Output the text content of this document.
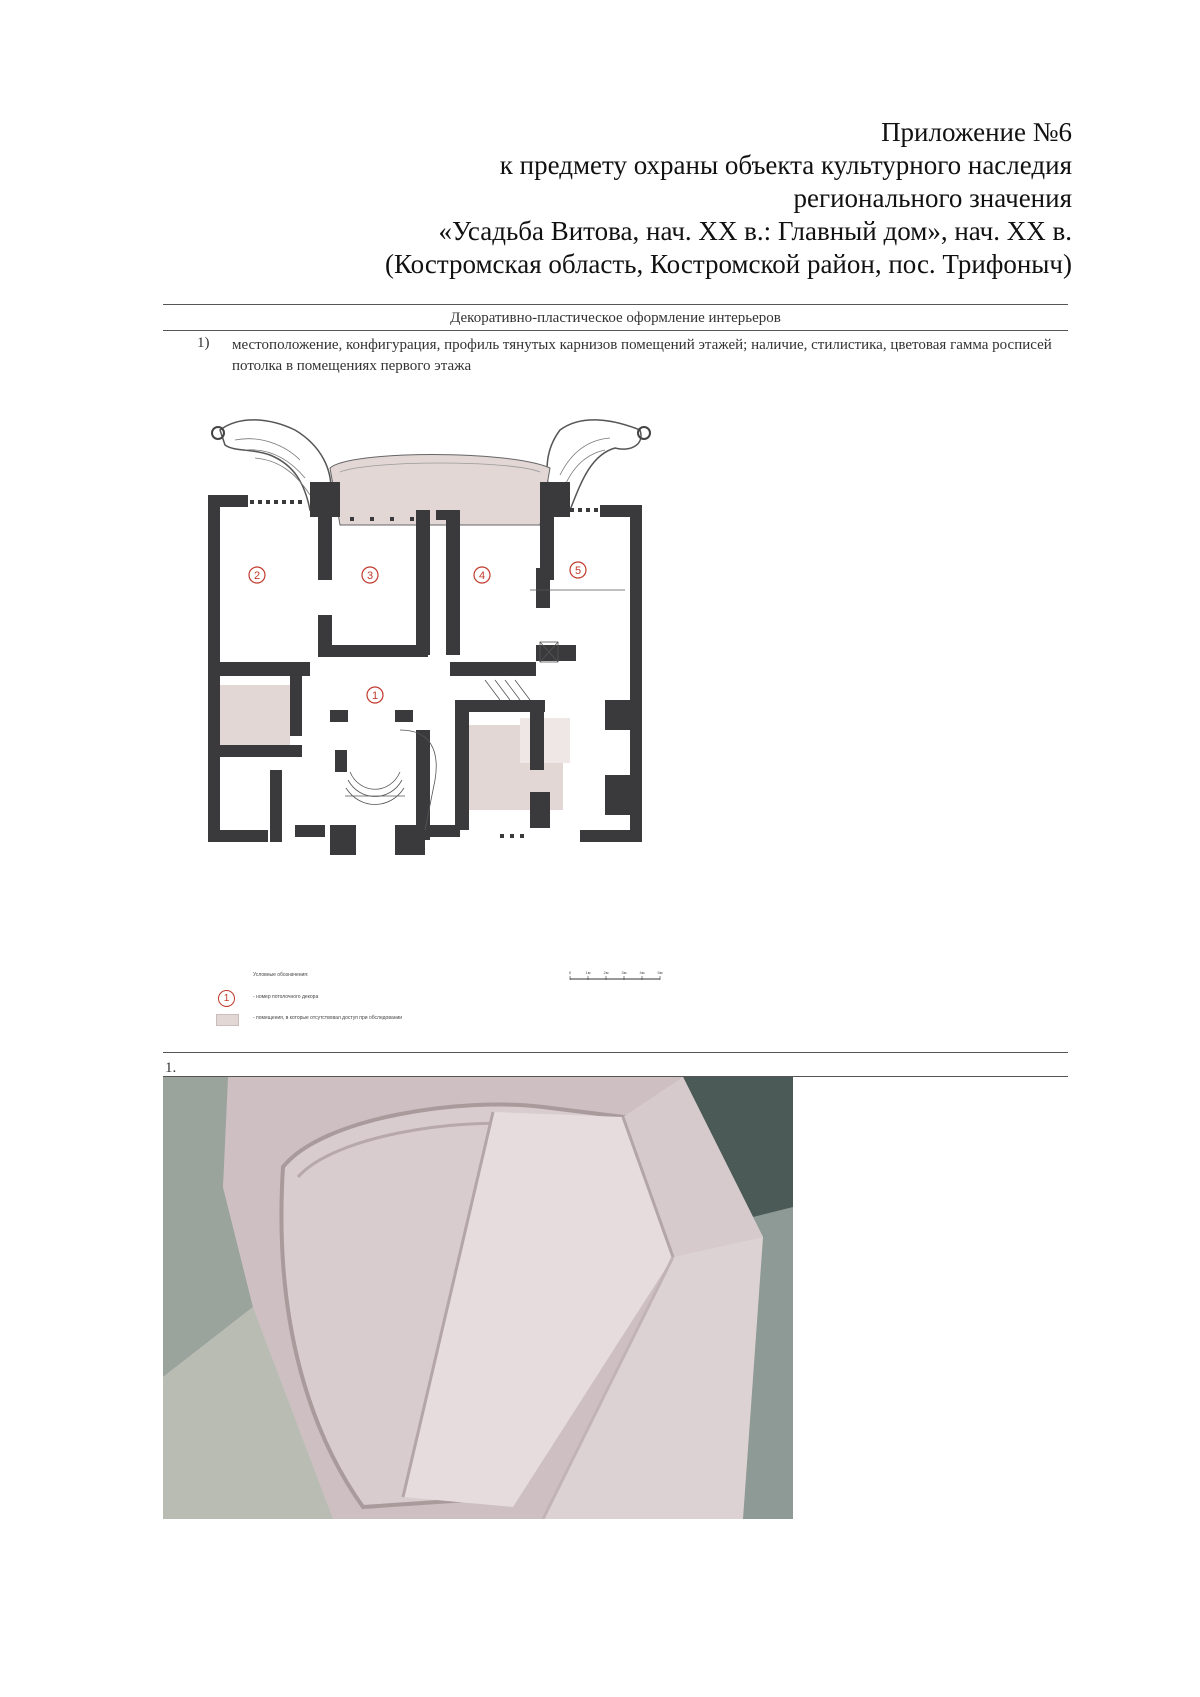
Приложение №6
к предмету охраны объекта культурного наследия
регионального значения
«Усадьба Витова, нач. ХХ в.: Главный дом», нач. ХХ в.
(Костромская область, Костромской район, пос. Трифоныч)
Декоративно-пластическое оформление интерьеров
1) местоположение, конфигурация, профиль тянутых карнизов помещений этажей; наличие, стилистика, цветовая гамма росписей потолка в помещениях первого этажа
2	3	4	5
1
Условные обозначения:
1	- номер потолочного декора
- помещения, в которые отсутствовал доступ при обследовании
0	1м	2м	3м	4м	5м
1.
